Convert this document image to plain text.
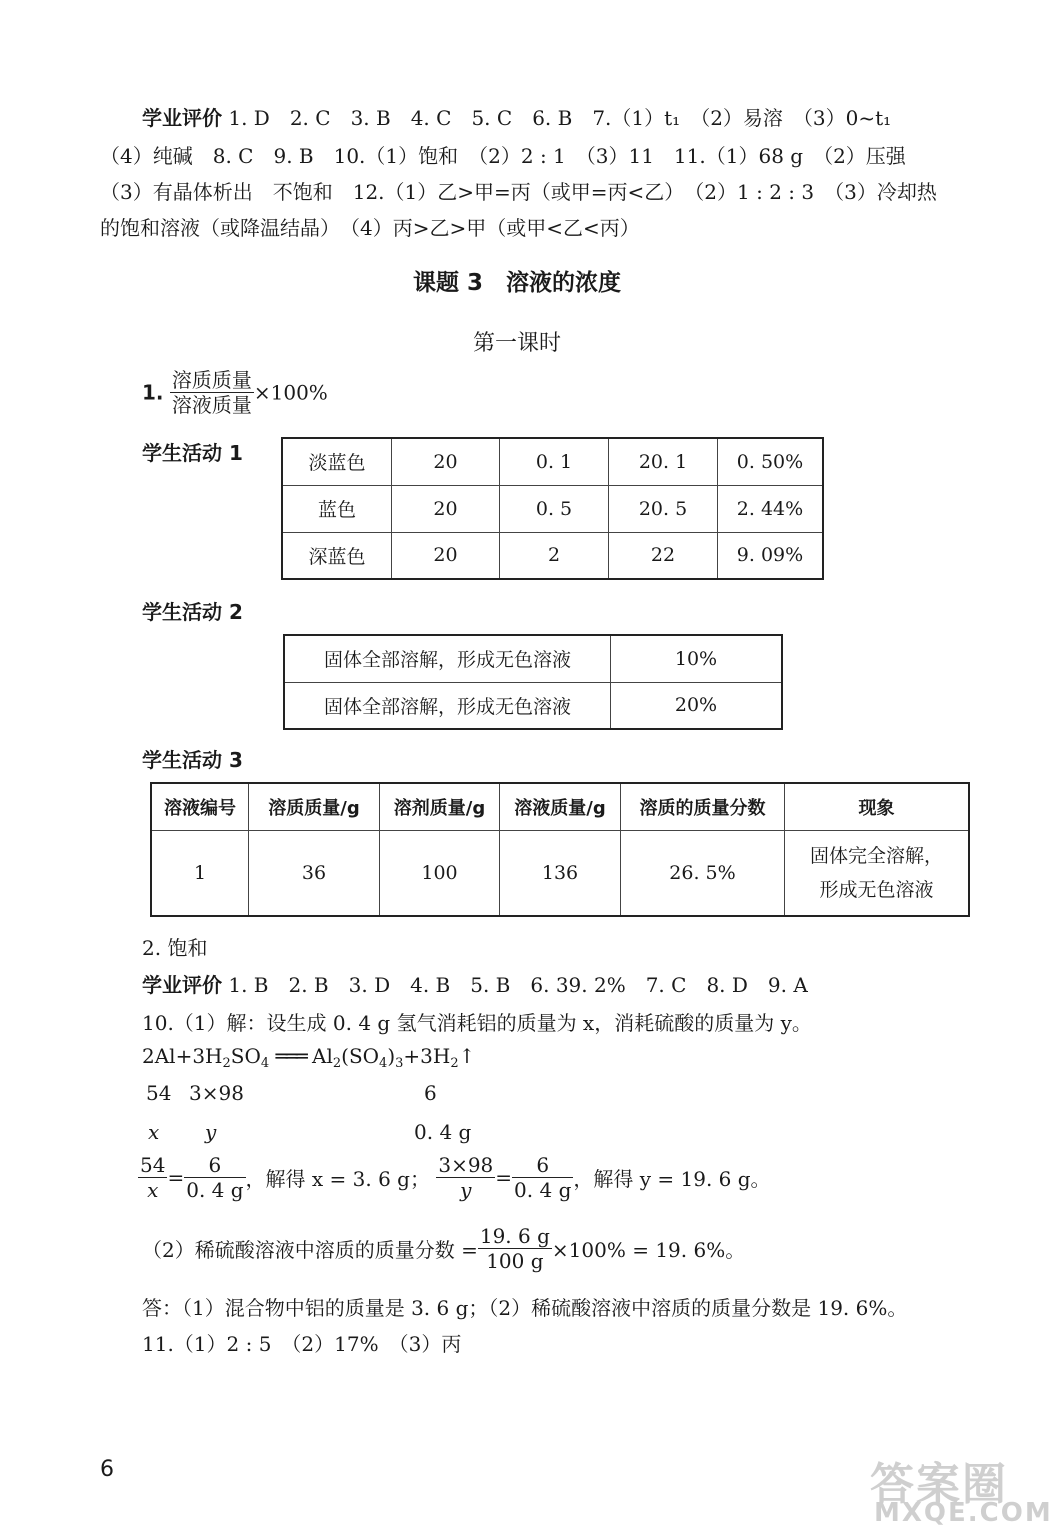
学业评价 1. D　2. C　3. B　4. C　5. C　6. B　7.（1）t₁　（2）易溶　（3）0~t₁
（4）纯碱　8. C　9. B　10.（1）饱和　（2）2 : 1　（3）11　11.（1）68 g　（2）压强
（3）有晶体析出　不饱和　12.（1）乙>甲=丙（或甲=丙<乙）　（2）1 : 2 : 3　（3）冷却热
的饱和溶液（或降温结晶）　（4）丙>乙>甲（或甲<乙<丙）
课题 3　溶液的浓度
第一课时
1. $\frac{\text{溶质质量}}{\text{溶液质量}} \times 100\%$
学生活动 1	淡蓝色	20	0. 1	20. 1	0. 50%
蓝色	20	0. 5	20. 5	2. 44%
深蓝色	20	2	22	9. 09%
学生活动 2
固体全部溶解，形成无色溶液	10%
固体全部溶解，形成无色溶液	20%
学生活动 3
溶液编号	溶质质量/g	溶剂质量/g	溶液质量/g	溶质的质量分数	现象
1	36	100	136	26. 5%	固体完全溶解，
形成无色溶液
2. 饱和
学业评价 1. B　2. B　3. D　4. B　5. B　6. 39. 2%　7. C　8. D　9. A
10.（1）解：设生成 0. 4 g 氢气消耗铝的质量为 x，消耗硫酸的质量为 y。
$2Al+3H_2SO_4$ ═══ $Al_2(SO_4)_3+3H_2↑$
54 3×98	6
x y	0. 4 g
$\frac{54}{x} = \frac{6}{0. 4 g}$ ，解得 x = 3. 6 g； $\frac{3\times 98}{y} = \frac{6}{0. 4 g}$ ，解得 y = 19. 6 g。
（2）稀硫酸溶液中溶质的质量分数 = $\frac{19. 6 g}{100 g} \times 100\% = 19$. 6%。
答：（1）混合物中铝的质量是 3. 6 g；（2）稀硫酸溶液中溶质的质量分数是 19. 6%。
11.（1）2 : 5　（2）17%　（3）丙
6	答案圈
MXQE.COM
